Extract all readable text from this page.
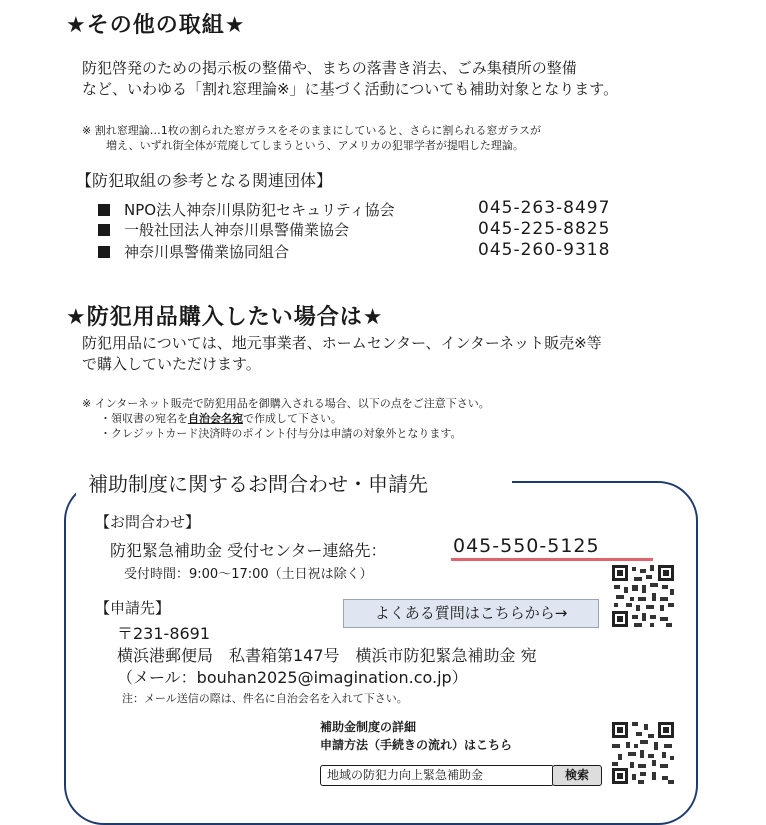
★その他の取組★
防犯啓発のための掲示板の整備や、まちの落書き消去、ごみ集積所の整備
など、いわゆる「割れ窓理論※」に基づく活動についても補助対象となります。
※ 割れ窓理論…1枚の割られた窓ガラスをそのままにしていると、さらに割られる窓ガラスが
増え、いずれ街全体が荒廃してしまうという、アメリカの犯罪学者が提唱した理論。
【防犯取組の参考となる関連団体】
NPO法人神奈川県防犯セキュリティ協会	045-263-8497
一般社団法人神奈川県警備業協会	045-225-8825
神奈川県警備業協同組合	045-260-9318
★防犯用品購入したい場合は★
防犯用品については、地元事業者、ホームセンター、インターネット販売※等
で購入していただけます。
※ インターネット販売で防犯用品を御購入される場合、以下の点をご注意下さい。
・領収書の宛名を自治会名宛で作成して下さい。
・クレジットカード決済時のポイント付与分は申請の対象外となります。
補助制度に関するお問合わせ・申請先
【お問合わせ】
防犯緊急補助金 受付センター連絡先：	045-550-5125
受付時間：9:00～17:00（土日祝は除く）
【申請先】	よくある質問はこちらから→
〒231-8691
横浜港郵便局　私書箱第147号　横浜市防犯緊急補助金 宛
（メール：bouhan2025@imagination.co.jp）
注：メール送信の際は、件名に自治会名を入れて下さい。
補助金制度の詳細
申請方法（手続きの流れ）はこちら
地域の防犯力向上緊急補助金	検索
